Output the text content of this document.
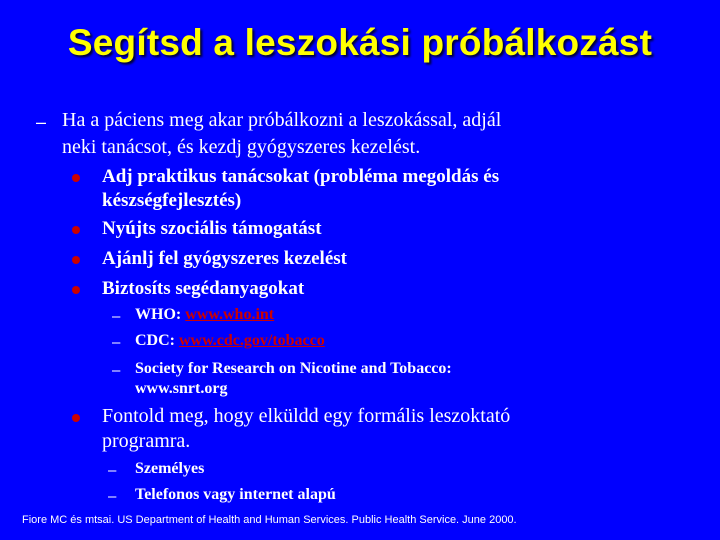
Segítsd a leszokási próbálkozást
– Ha a páciens meg akar próbálkozni a leszokással, adjál
neki tanácsot, és kezdj gyógyszeres kezelést.
Adj praktikus tanácsokat (probléma megoldás és
készségfejlesztés)
Nyújts szociális támogatást
Ajánlj fel gyógyszeres kezelést
Biztosíts segédanyagokat
– WHO: www.who.int
– CDC: www.cdc.gov/tobacco
– Society for Research on Nicotine and Tobacco:
www.snrt.org
Fontold meg, hogy elküldd egy formális leszoktató
programra.
– Személyes
– Telefonos vagy internet alapú
Fiore MC és mtsai. US Department of Health and Human Services. Public Health Service. June 2000.
